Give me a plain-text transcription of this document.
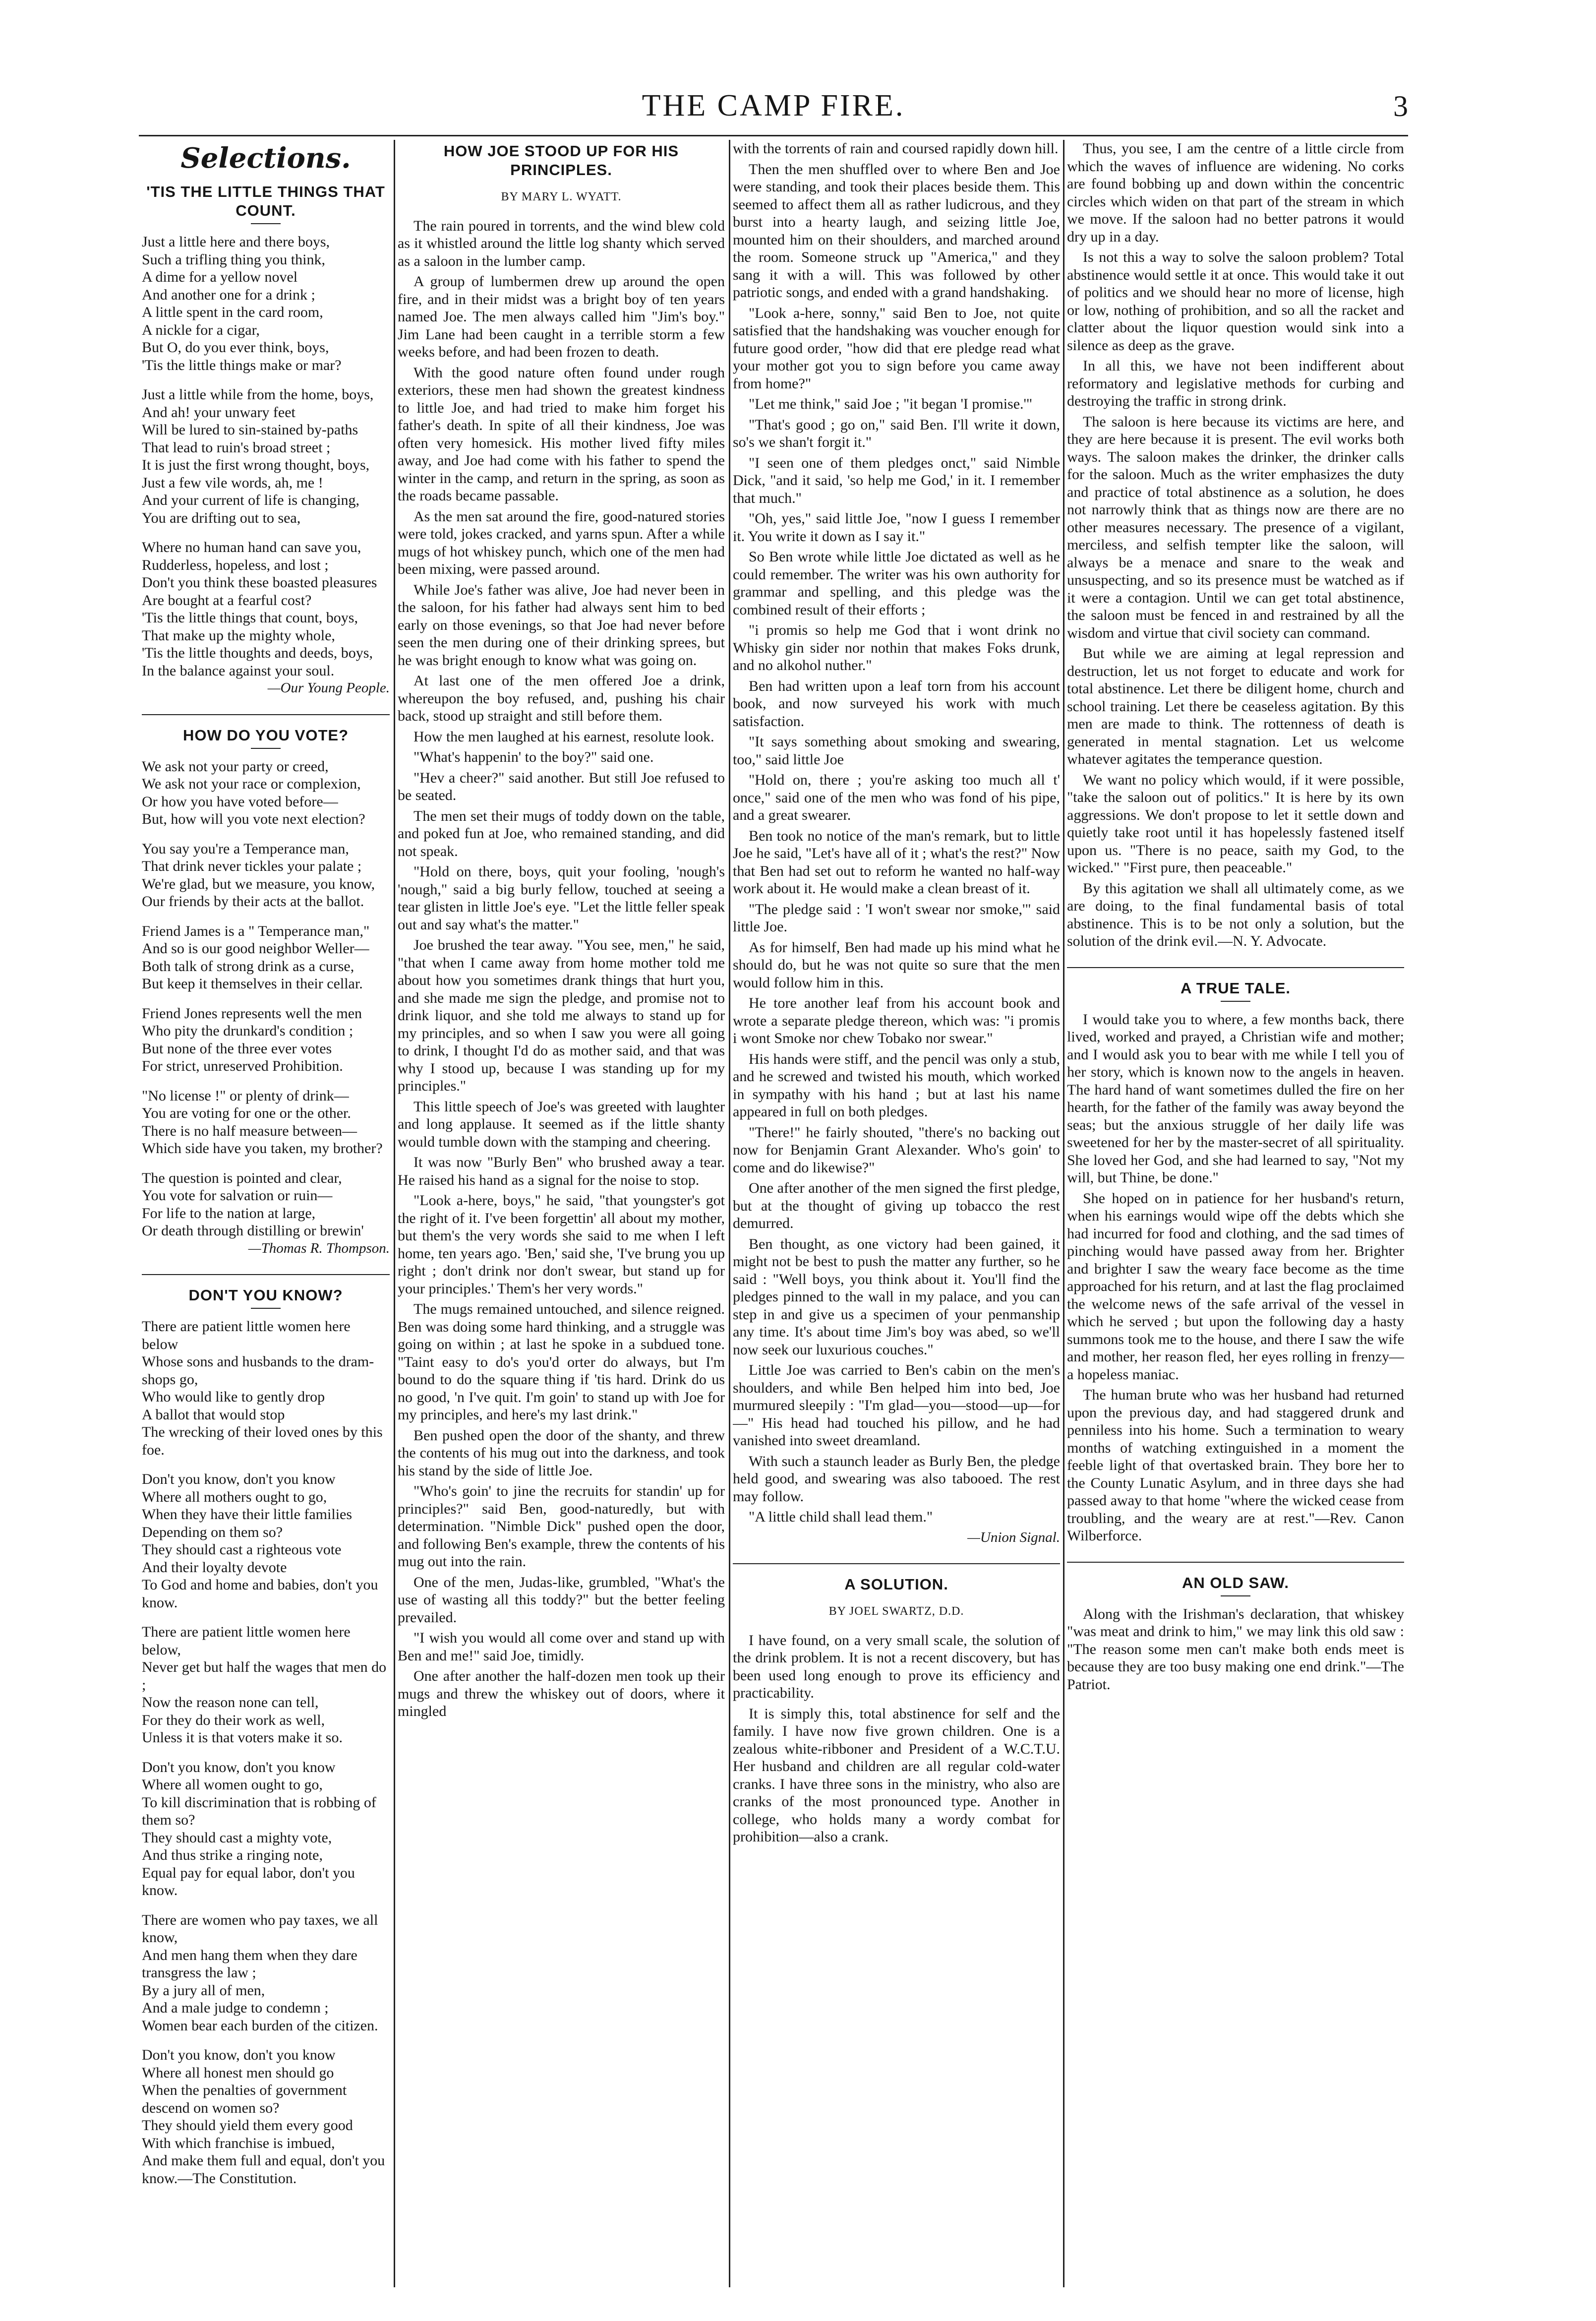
THE CAMP FIRE.	3
Selections.
'TIS THE LITTLE THINGS THAT COUNT.

Just a little here and there boys,
Such a trifling thing you think,
A dime for a yellow novel
And another one for a drink ;
A little spent in the card room,
A nickle for a cigar,
But O, do you ever think, boys,
'Tis the little things make or mar?

Just a little while from the home, boys,
And ah! your unwary feet
Will be lured to sin-stained by-paths
That lead to ruin's broad street ;
It is just the first wrong thought, boys,
Just a few vile words, ah, me !
And your current of life is changing,
You are drifting out to sea,

Where no human hand can save you,
Rudderless, hopeless, and lost ;
Don't you think these boasted pleasures
Are bought at a fearful cost?
'Tis the little things that count, boys,
That make up the mighty whole,
'Tis the little thoughts and deeds, boys,
In the balance against your soul.

—Our Young People.
HOW DO YOU VOTE?

We ask not your party or creed,
We ask not your race or complexion,
Or how you have voted before—
But, how will you vote next election?

You say you're a Temperance man,
That drink never tickles your palate ;
We're glad, but we measure, you know,
Our friends by their acts at the ballot.

Friend James is a " Temperance man,"
And so is our good neighbor Weller—
Both talk of strong drink as a curse,
But keep it themselves in their cellar.

Friend Jones represents well the men
Who pity the drunkard's condition ;
But none of the three ever votes
For strict, unreserved Prohibition.

"No license !" or plenty of drink—
You are voting for one or the other.
There is no half measure between—
Which side have you taken, my brother?

The question is pointed and clear,
You vote for salvation or ruin—
For life to the nation at large,
Or death through distilling or brewin'

—Thomas R. Thompson.
DON'T YOU KNOW?

There are patient little women here below
Whose sons and husbands to the dram-shops go,
Who would like to gently drop
A ballot that would stop
The wrecking of their loved ones by this foe.

Don't you know, don't you know
Where all mothers ought to go,
When they have their little families
Depending on them so?
They should cast a righteous vote
And their loyalty devote
To God and home and babies, don't you know.

There are patient little women here below,
Never get but half the wages that men do ;
Now the reason none can tell,
For they do their work as well,
Unless it is that voters make it so.

Don't you know, don't you know
Where all women ought to go,
To kill discrimination that is robbing of them so?
They should cast a mighty vote,
And thus strike a ringing note,
Equal pay for equal labor, don't you know.

There are women who pay taxes, we all know,
And men hang them when they dare transgress the law ;
By a jury all of men,
And a male judge to condemn ;
Women bear each burden of the citizen.

Don't you know, don't you know
Where all honest men should go
When the penalties of government descend on women so?
They should yield them every good
With which franchise is imbued,
And make them full and equal, don't you know.—The Constitution.

HOW JOE STOOD UP FOR HIS PRINCIPLES.
BY MARY L. WYATT.

The rain poured in torrents, and the wind blew cold as it whistled around the little log shanty which served as a saloon in the lumber camp.

A group of lumbermen drew up around the open fire, and in their midst was a bright boy of ten years named Joe. The men always called him "Jim's boy." Jim Lane had been caught in a terrible storm a few weeks before, and had been frozen to death.

With the good nature often found under rough exteriors, these men had shown the greatest kindness to little Joe, and had tried to make him forget his father's death. In spite of all their kindness, Joe was often very homesick. His mother lived fifty miles away, and Joe had come with his father to spend the winter in the camp, and return in the spring, as soon as the roads became passable.

As the men sat around the fire, good-natured stories were told, jokes cracked, and yarns spun. After a while mugs of hot whiskey punch, which one of the men had been mixing, were passed around.

While Joe's father was alive, Joe had never been in the saloon, for his father had always sent him to bed early on those evenings, so that Joe had never before seen the men during one of their drinking sprees, but he was bright enough to know what was going on.

At last one of the men offered Joe a drink, whereupon the boy refused, and, pushing his chair back, stood up straight and still before them.

How the men laughed at his earnest, resolute look.

"What's happenin' to the boy?" said one.

"Hev a cheer?" said another. But still Joe refused to be seated.

The men set their mugs of toddy down on the table, and poked fun at Joe, who remained standing, and did not speak.

"Hold on there, boys, quit your fooling, 'nough's 'nough," said a big burly fellow, touched at seeing a tear glisten in little Joe's eye. "Let the little feller speak out and say what's the matter."

Joe brushed the tear away. "You see, men," he said, "that when I came away from home mother told me about how you sometimes drank things that hurt you, and she made me sign the pledge, and promise not to drink liquor, and she told me always to stand up for my principles, and so when I saw you were all going to drink, I thought I'd do as mother said, and that was why I stood up, because I was standing up for my principles."

This little speech of Joe's was greeted with laughter and long applause. It seemed as if the little shanty would tumble down with the stamping and cheering.

It was now "Burly Ben" who brushed away a tear. He raised his hand as a signal for the noise to stop.

"Look a-here, boys," he said, "that youngster's got the right of it. I've been forgettin' all about my mother, but them's the very words she said to me when I left home, ten years ago. 'Ben,' said she, 'I've brung you up right ; don't drink nor don't swear, but stand up for your principles.' Them's her very words."

The mugs remained untouched, and silence reigned. Ben was doing some hard thinking, and a struggle was going on within ; at last he spoke in a subdued tone. "Taint easy to do's you'd orter do always, but I'm bound to do the square thing if 'tis hard. Drink do us no good, 'n I've quit. I'm goin' to stand up with Joe for my principles, and here's my last drink."

Ben pushed open the door of the shanty, and threw the contents of his mug out into the darkness, and took his stand by the side of little Joe.

"Who's goin' to jine the recruits for standin' up for principles?" said Ben, good-naturedly, but with determination. "Nimble Dick" pushed open the door, and following Ben's example, threw the contents of his mug out into the rain.

One of the men, Judas-like, grumbled, "What's the use of wasting all this toddy?" but the better feeling prevailed.

"I wish you would all come over and stand up with Ben and me!" said Joe, timidly.

One after another the half-dozen men took up their mugs and threw the whiskey out of doors, where it mingled

with the torrents of rain and coursed rapidly down hill.

Then the men shuffled over to where Ben and Joe were standing, and took their places beside them. This seemed to affect them all as rather ludicrous, and they burst into a hearty laugh, and seizing little Joe, mounted him on their shoulders, and marched around the room. Someone struck up "America," and they sang it with a will. This was followed by other patriotic songs, and ended with a grand handshaking.

"Look a-here, sonny," said Ben to Joe, not quite satisfied that the handshaking was voucher enough for future good order, "how did that ere pledge read what your mother got you to sign before you came away from home?"

"Let me think," said Joe ; "it began 'I promise.'"

"That's good ; go on," said Ben. I'll write it down, so's we shan't forgit it."

"I seen one of them pledges onct," said Nimble Dick, "and it said, 'so help me God,' in it. I remember that much."

"Oh, yes," said little Joe, "now I guess I remember it. You write it down as I say it."

So Ben wrote while little Joe dictated as well as he could remember. The writer was his own authority for grammar and spelling, and this pledge was the combined result of their efforts ;

"i promis so help me God that i wont drink no Whisky gin sider nor nothin that makes Foks drunk, and no alkohol nuther."

Ben had written upon a leaf torn from his account book, and now surveyed his work with much satisfaction.

"It says something about smoking and swearing, too," said little Joe

"Hold on, there ; you're asking too much all t' once," said one of the men who was fond of his pipe, and a great swearer.

Ben took no notice of the man's remark, but to little Joe he said, "Let's have all of it ; what's the rest?" Now that Ben had set out to reform he wanted no half-way work about it. He would make a clean breast of it.

"The pledge said : 'I won't swear nor smoke,'" said little Joe.

As for himself, Ben had made up his mind what he should do, but he was not quite so sure that the men would follow him in this.

He tore another leaf from his account book and wrote a separate pledge thereon, which was: "i promis i wont Smoke nor chew Tobako nor swear."

His hands were stiff, and the pencil was only a stub, and he screwed and twisted his mouth, which worked in sympathy with his hand ; but at last his name appeared in full on both pledges.

"There!" he fairly shouted, "there's no backing out now for Benjamin Grant Alexander. Who's goin' to come and do likewise?"

One after another of the men signed the first pledge, but at the thought of giving up tobacco the rest demurred.

Ben thought, as one victory had been gained, it might not be best to push the matter any further, so he said : "Well boys, you think about it. You'll find the pledges pinned to the wall in my palace, and you can step in and give us a specimen of your penmanship any time. It's about time Jim's boy was abed, so we'll now seek our luxurious couches."

Little Joe was carried to Ben's cabin on the men's shoulders, and while Ben helped him into bed, Joe murmured sleepily : "I'm glad—you—stood—up—for—" His head had touched his pillow, and he had vanished into sweet dreamland.

With such a staunch leader as Burly Ben, the pledge held good, and swearing was also tabooed. The rest may follow.

"A little child shall lead them."

—Union Signal.
A SOLUTION.
BY JOEL SWARTZ, D.D.

I have found, on a very small scale, the solution of the drink problem. It is not a recent discovery, but has been used long enough to prove its efficiency and practicability.

It is simply this, total abstinence for self and the family. I have now five grown children. One is a zealous white-ribboner and President of a W.C.T.U. Her husband and children are all regular cold-water cranks. I have three sons in the ministry, who also are cranks of the most pronounced type. Another in college, who holds many a wordy combat for prohibition—also a crank.

Thus, you see, I am the centre of a little circle from which the waves of influence are widening. No corks are found bobbing up and down within the concentric circles which widen on that part of the stream in which we move. If the saloon had no better patrons it would dry up in a day.

Is not this a way to solve the saloon problem? Total abstinence would settle it at once. This would take it out of politics and we should hear no more of license, high or low, nothing of prohibition, and so all the racket and clatter about the liquor question would sink into a silence as deep as the grave.

In all this, we have not been indifferent about reformatory and legislative methods for curbing and destroying the traffic in strong drink.

The saloon is here because its victims are here, and they are here because it is present. The evil works both ways. The saloon makes the drinker, the drinker calls for the saloon. Much as the writer emphasizes the duty and practice of total abstinence as a solution, he does not narrowly think that as things now are there are no other measures necessary. The presence of a vigilant, merciless, and selfish tempter like the saloon, will always be a menace and snare to the weak and unsuspecting, and so its presence must be watched as if it were a contagion. Until we can get total abstinence, the saloon must be fenced in and restrained by all the wisdom and virtue that civil society can command.

But while we are aiming at legal repression and destruction, let us not forget to educate and work for total abstinence. Let there be diligent home, church and school training. Let there be ceaseless agitation. By this men are made to think. The rottenness of death is generated in mental stagnation. Let us welcome whatever agitates the temperance question.

We want no policy which would, if it were possible, "take the saloon out of politics." It is here by its own aggressions. We don't propose to let it settle down and quietly take root until it has hopelessly fastened itself upon us. "There is no peace, saith my God, to the wicked." "First pure, then peaceable."

By this agitation we shall all ultimately come, as we are doing, to the final fundamental basis of total abstinence. This is to be not only a solution, but the solution of the drink evil.—N. Y. Advocate.

A TRUE TALE.

I would take you to where, a few months back, there lived, worked and prayed, a Christian wife and mother; and I would ask you to bear with me while I tell you of her story, which is known now to the angels in heaven. The hard hand of want sometimes dulled the fire on her hearth, for the father of the family was away beyond the seas; but the anxious struggle of her daily life was sweetened for her by the master-secret of all spirituality. She loved her God, and she had learned to say, "Not my will, but Thine, be done."

She hoped on in patience for her husband's return, when his earnings would wipe off the debts which she had incurred for food and clothing, and the sad times of pinching would have passed away from her. Brighter and brighter I saw the weary face become as the time approached for his return, and at last the flag proclaimed the welcome news of the safe arrival of the vessel in which he served ; but upon the following day a hasty summons took me to the house, and there I saw the wife and mother, her reason fled, her eyes rolling in frenzy—a hopeless maniac.

The human brute who was her husband had returned upon the previous day, and had staggered drunk and penniless into his home. Such a termination to weary months of watching extinguished in a moment the feeble light of that overtasked brain. They bore her to the County Lunatic Asylum, and in three days she had passed away to that home "where the wicked cease from troubling, and the weary are at rest."—Rev. Canon Wilberforce.

AN OLD SAW.

Along with the Irishman's declaration, that whiskey "was meat and drink to him," we may link this old saw : "The reason some men can't make both ends meet is because they are too busy making one end drink."—The Patriot.
